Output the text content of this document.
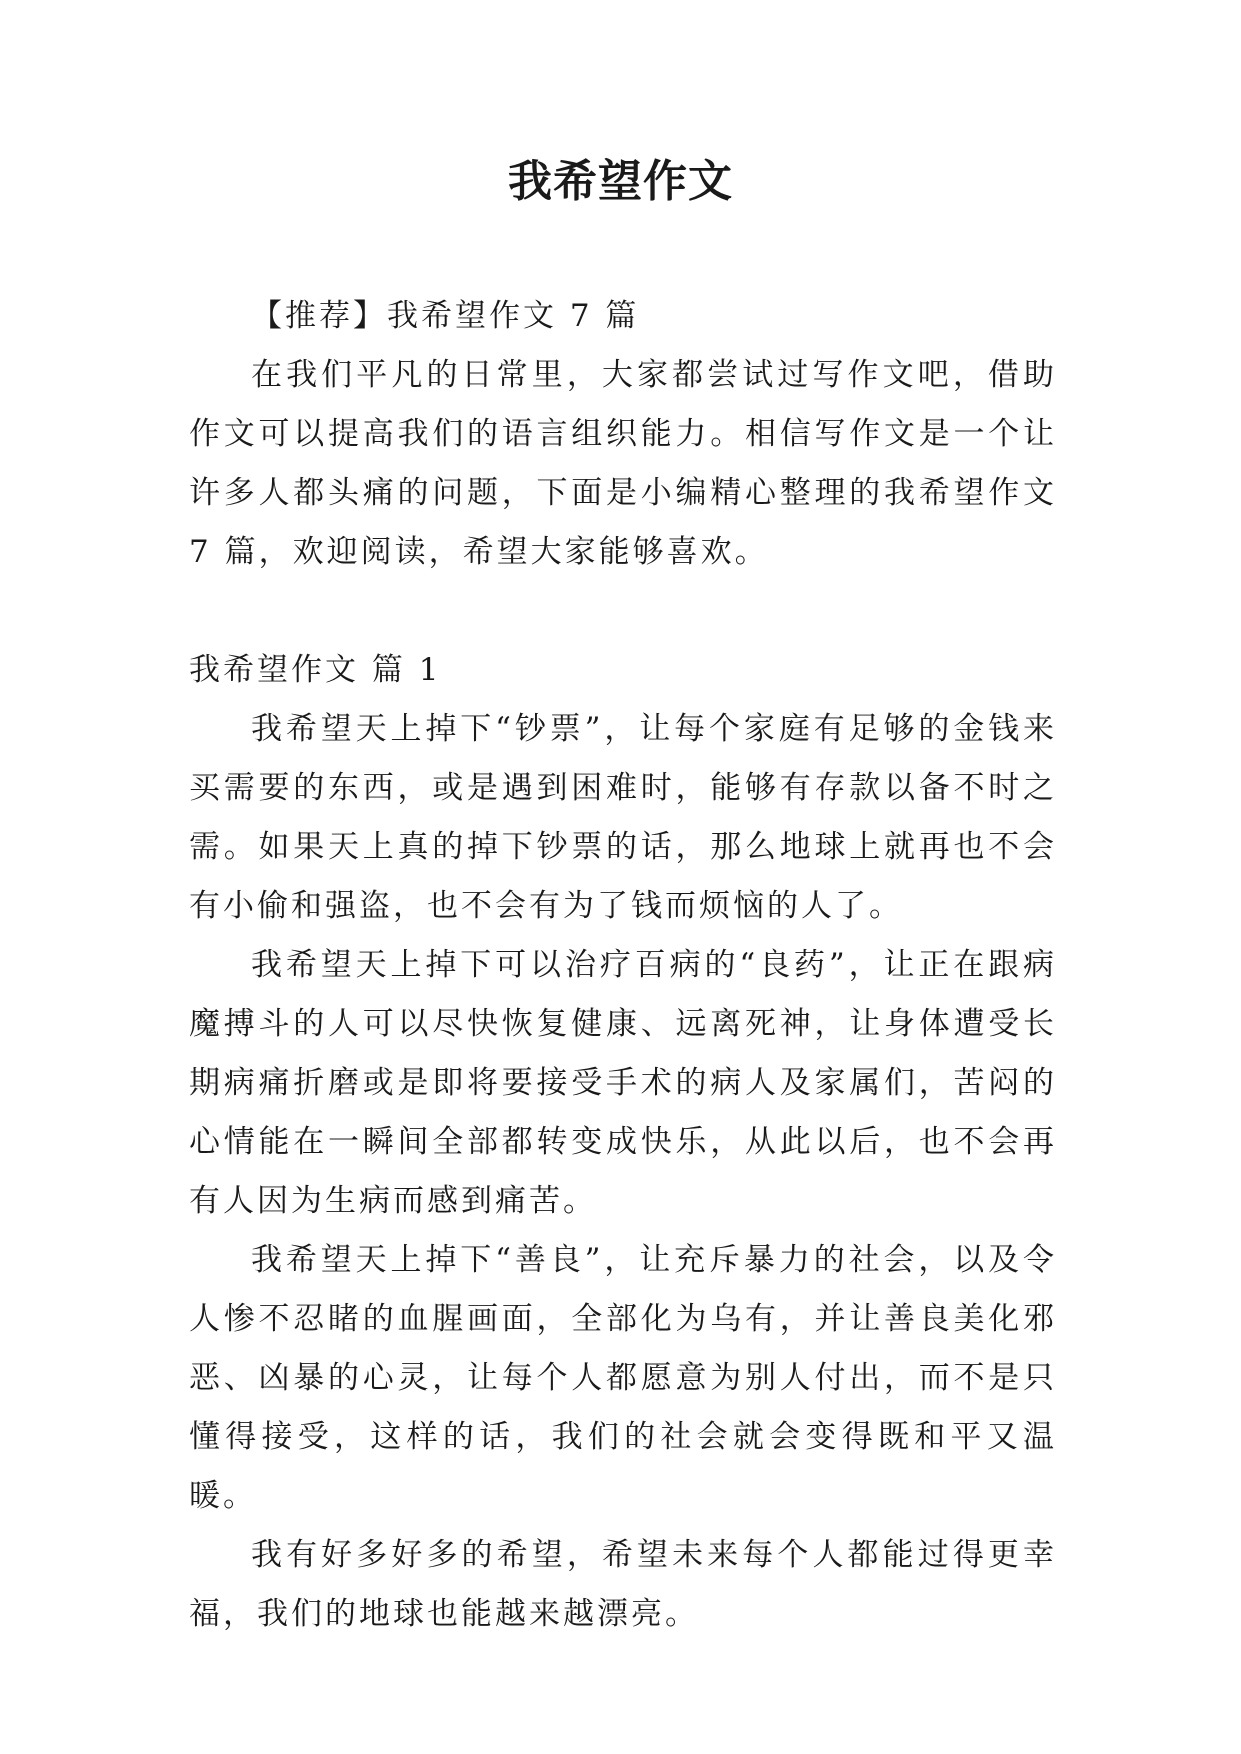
我希望作文

【推荐】我希望作文 7 篇

在我们平凡的日常里，大家都尝试过写作文吧，借助作文可以提高我们的语言组织能力。相信写作文是一个让许多人都头痛的问题，下面是小编精心整理的我希望作文 7 篇，欢迎阅读，希望大家能够喜欢。

我希望作文 篇 1

我希望天上掉下“钞票”，让每个家庭有足够的金钱来买需要的东西，或是遇到困难时，能够有存款以备不时之需。如果天上真的掉下钞票的话，那么地球上就再也不会有小偷和强盗，也不会有为了钱而烦恼的人了。

我希望天上掉下可以治疗百病的“良药”，让正在跟病魔搏斗的人可以尽快恢复健康、远离死神，让身体遭受长期病痛折磨或是即将要接受手术的病人及家属们，苦闷的心情能在一瞬间全部都转变成快乐，从此以后，也不会再有人因为生病而感到痛苦。

我希望天上掉下“善良”，让充斥暴力的社会，以及令人惨不忍睹的血腥画面，全部化为乌有，并让善良美化邪恶、凶暴的心灵，让每个人都愿意为别人付出，而不是只懂得接受，这样的话，我们的社会就会变得既和平又温暖。

我有好多好多的希望，希望未来每个人都能过得更幸福，我们的地球也能越来越漂亮。
